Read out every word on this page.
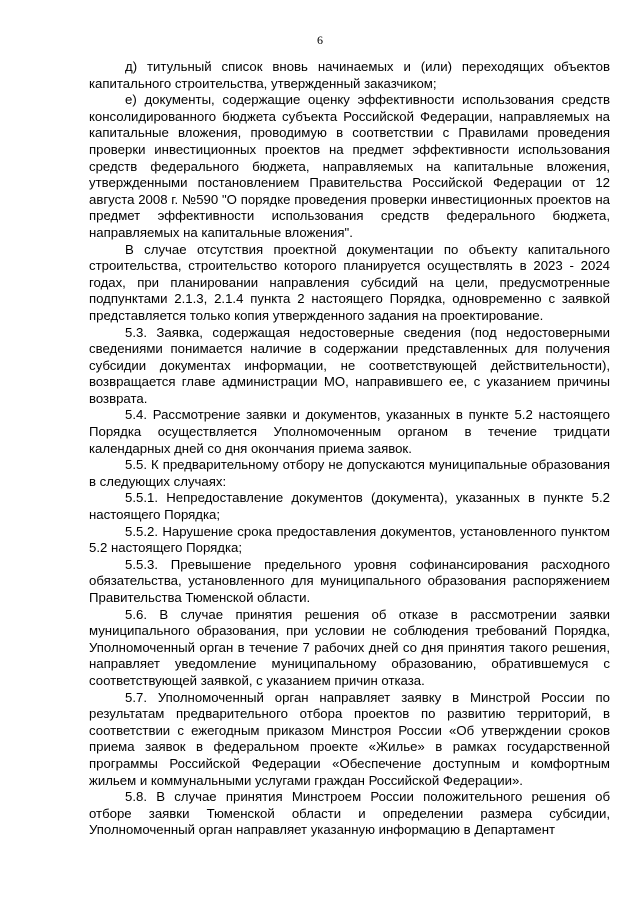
6

д) титульный список вновь начинаемых и (или) переходящих объектов капитального строительства, утвержденный заказчиком;

е) документы, содержащие оценку эффективности использования средств консолидированного бюджета субъекта Российской Федерации, направляемых на капитальные вложения, проводимую в соответствии с Правилами проведения проверки инвестиционных проектов на предмет эффективности использования средств федерального бюджета, направляемых на капитальные вложения, утвержденными постановлением Правительства Российской Федерации от 12 августа 2008 г. №590 "О порядке проведения проверки инвестиционных проектов на предмет эффективности использования средств федерального бюджета, направляемых на капитальные вложения".

В случае отсутствия проектной документации по объекту капитального строительства, строительство которого планируется осуществлять в 2023 - 2024 годах, при планировании направления субсидий на цели, предусмотренные подпунктами 2.1.3, 2.1.4 пункта 2 настоящего Порядка, одновременно с заявкой представляется только копия утвержденного задания на проектирование.

5.3. Заявка, содержащая недостоверные сведения (под недостоверными сведениями понимается наличие в содержании представленных для получения субсидии документах информации, не соответствующей действительности), возвращается главе администрации МО, направившего ее, с указанием причины возврата.

5.4. Рассмотрение заявки и документов, указанных в пункте 5.2 настоящего Порядка осуществляется Уполномоченным органом в течение тридцати календарных дней со дня окончания приема заявок.

5.5. К предварительному отбору не допускаются муниципальные образования в следующих случаях:

5.5.1. Непредоставление документов (документа), указанных в пункте 5.2 настоящего Порядка;

5.5.2. Нарушение срока предоставления документов, установленного пунктом 5.2 настоящего Порядка;

5.5.3. Превышение предельного уровня софинансирования расходного обязательства, установленного для муниципального образования распоряжением Правительства Тюменской области.

5.6. В случае принятия решения об отказе в рассмотрении заявки муниципального образования, при условии не соблюдения требований Порядка, Уполномоченный орган в течение 7 рабочих дней со дня принятия такого решения, направляет уведомление муниципальному образованию, обратившемуся с соответствующей заявкой, с указанием причин отказа.

5.7. Уполномоченный орган направляет заявку в Минстрой России по результатам предварительного отбора проектов по развитию территорий, в соответствии с ежегодным приказом Минстроя России «Об утверждении сроков приема заявок в федеральном проекте «Жилье» в рамках государственной программы Российской Федерации «Обеспечение доступным и комфортным жильем и коммунальными услугами граждан Российской Федерации».

5.8. В случае принятия Минстроем России положительного решения об отборе заявки Тюменской области и определении размера субсидии, Уполномоченный орган направляет указанную информацию в Департамент
